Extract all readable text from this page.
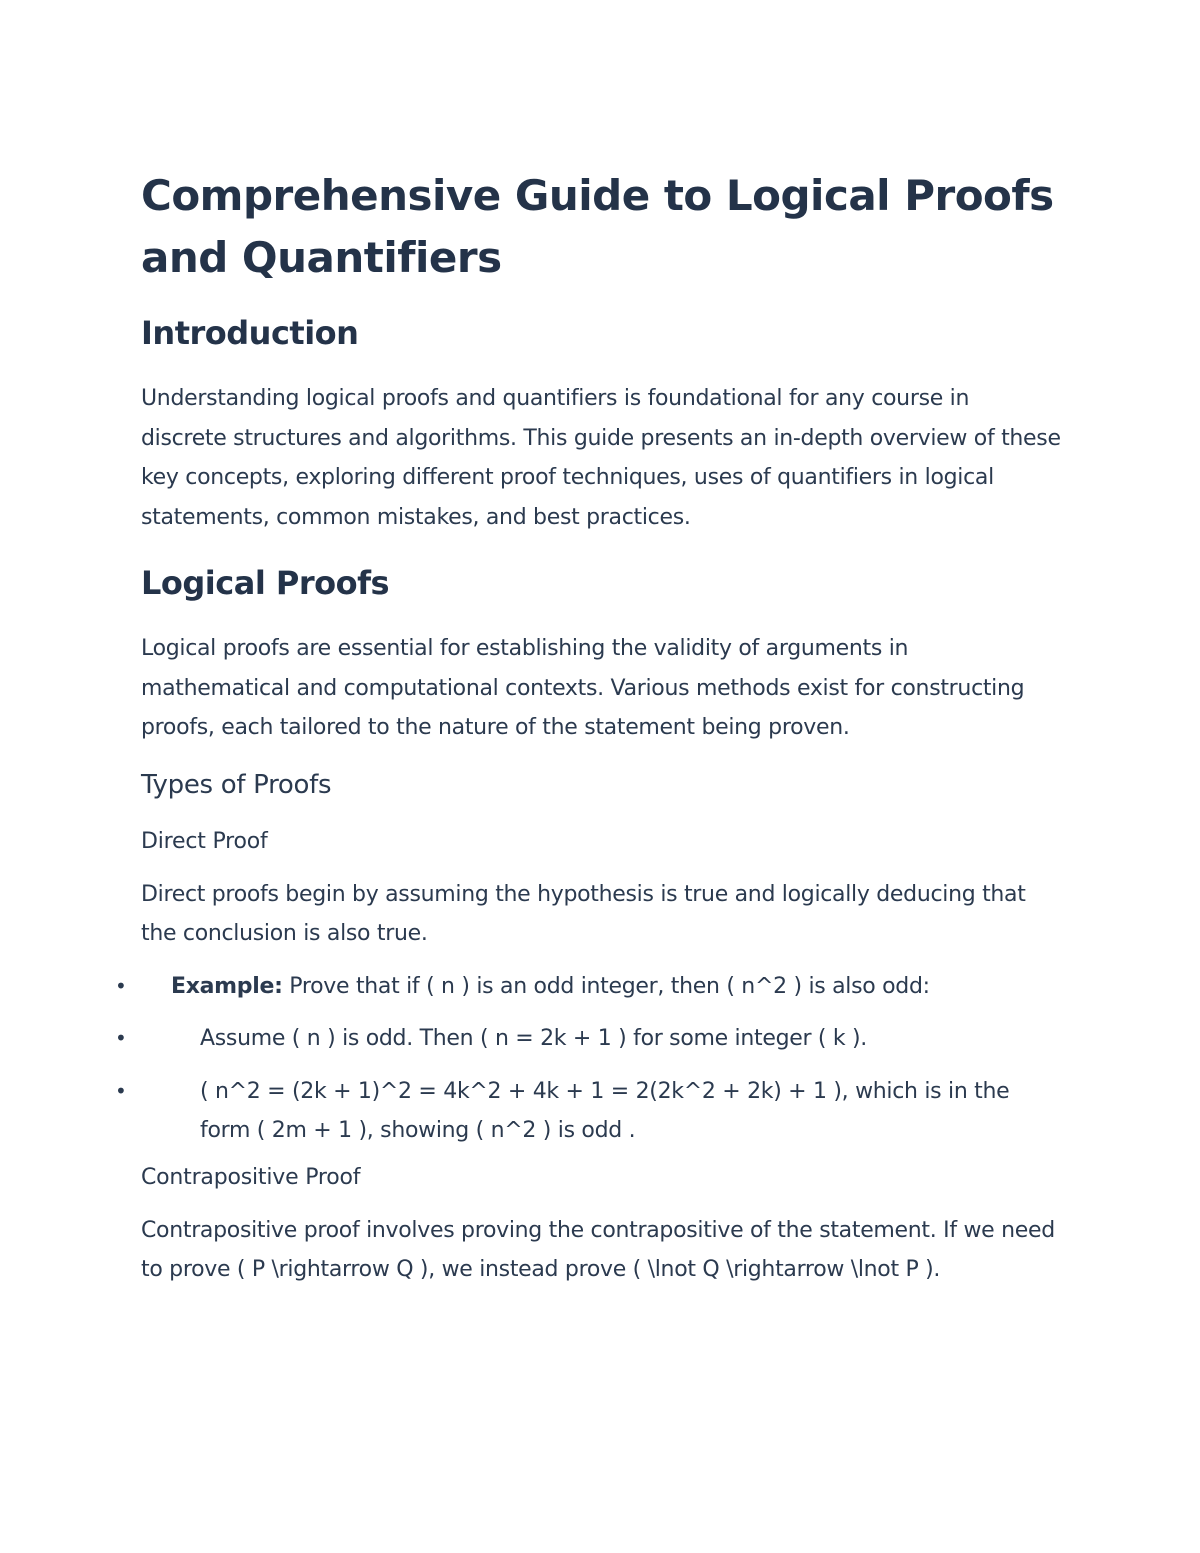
Comprehensive Guide to Logical Proofs and Quantifiers
Introduction

Understanding logical proofs and quantifiers is foundational for any course in discrete structures and algorithms. This guide presents an in-depth overview of these key concepts, exploring different proof techniques, uses of quantifiers in logical statements, common mistakes, and best practices.

Logical Proofs

Logical proofs are essential for establishing the validity of arguments in mathematical and computational contexts. Various methods exist for constructing proofs, each tailored to the nature of the statement being proven.

Types of Proofs
Direct Proof

Direct proofs begin by assuming the hypothesis is true and logically deducing that the conclusion is also true.

• Example: Prove that if ( n ) is an odd integer, then ( n^2 ) is also odd:
•	Assume ( n ) is odd. Then ( n = 2k + 1 ) for some integer ( k ).
•	( n^2 = (2k + 1)^2 = 4k^2 + 4k + 1 = 2(2k^2 + 2k) + 1 ), which is in the form ( 2m + 1 ), showing ( n^2 ) is odd .
Contrapositive Proof

Contrapositive proof involves proving the contrapositive of the statement. If we need to prove ( P \rightarrow Q ), we instead prove ( \lnot Q \rightarrow \lnot P ).
